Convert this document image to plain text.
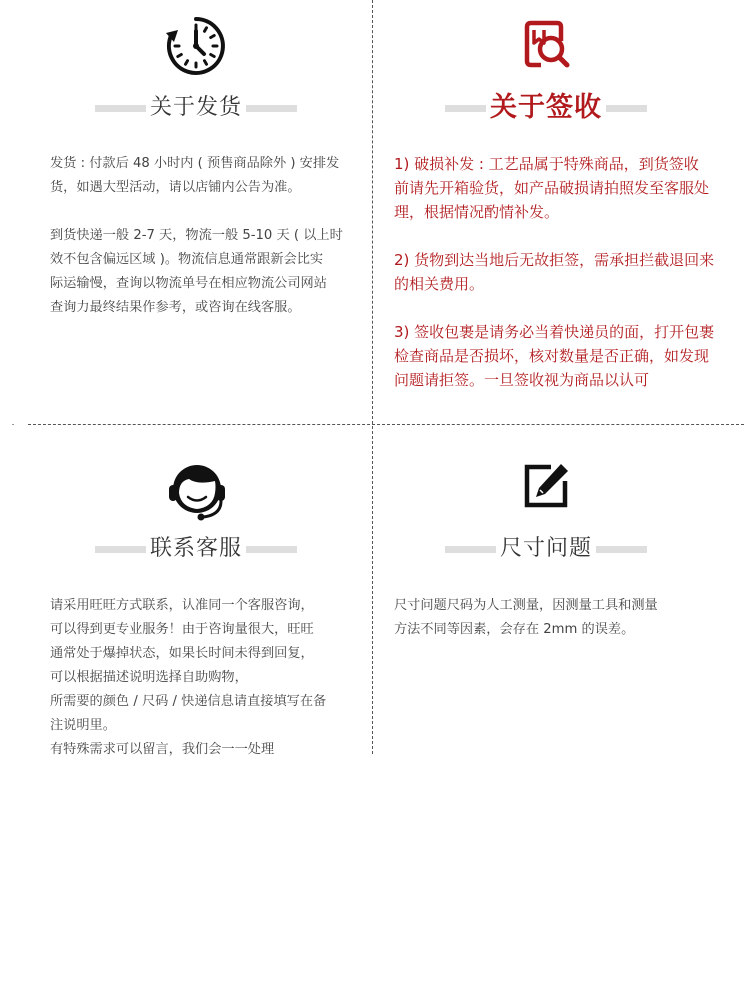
关于发货

发货 : 付款后 48 小时内 ( 预售商品除外 ) 安排发

货，如遇大型活动，请以店铺内公告为准。

到货快递一般 2-7 天，物流一般 5-10 天 ( 以上时

效不包含偏远区域 )。物流信息通常跟新会比实

际运输慢，查询以物流单号在相应物流公司网站

查询力最终结果作参考，或咨询在线客服。

关于签收

1) 破损补发 : 工艺品属于特殊商品，到货签收

前请先开箱验货，如产品破损请拍照发至客服处

理，根据情况酌情补发。

2) 货物到达当地后无故拒签，需承担拦截退回来

的相关费用。

3) 签收包裹是请务必当着快递员的面，打开包裹

检查商品是否损坏，核对数量是否正确，如发现

问题请拒签。一旦签收视为商品以认可

联系客服

请采用旺旺方式联系，认准同一个客服咨询，

可以得到更专业服务！由于咨询量很大，旺旺

通常处于爆掉状态，如果长时间未得到回复，

可以根据描述说明选择自助购物，

所需要的颜色 / 尺码 / 快递信息请直接填写在备

注说明里。

有特殊需求可以留言，我们会一一处理

尺寸问题

尺寸问题尺码为人工测量，因测量工具和测量

方法不同等因素，会存在 2mm 的误差。
